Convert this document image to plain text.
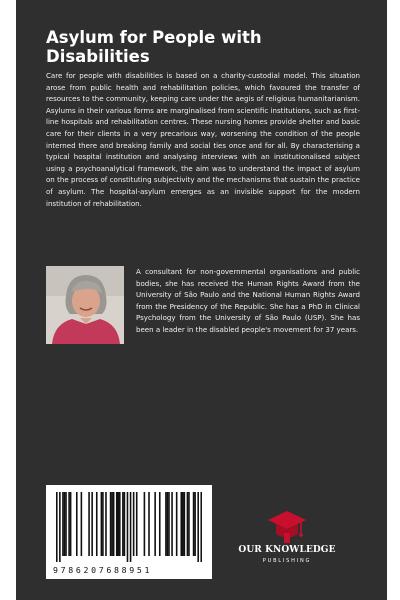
Asylum for People with Disabilities

Care for people with disabilities is based on a charity-custodial model. This situation arose from public health and rehabilitation policies, which favoured the transfer of resources to the community, keeping care under the aegis of religious humanitarianism. Asylums in their various forms are marginalised from scientific institutions, such as first-line hospitals and rehabilitation centres. These nursing homes provide shelter and basic care for their clients in a very precarious way, worsening the condition of the people interned there and breaking family and social ties once and for all. By characterising a typical hospital institution and analysing interviews with an institutionalised subject using a psychoanalytical framework, the aim was to understand the impact of asylum on the process of constituting subjectivity and the mechanisms that sustain the practice of asylum. The hospital-asylum emerges as an invisible support for the modern institution of rehabilitation.

A consultant for non-governmental organisations and public bodies, she has received the Human Rights Award from the University of São Paulo and the National Human Rights Award from the Presidency of the Republic. She has a PhD in Clinical Psychology from the University of São Paulo (USP). She has been a leader in the disabled people's movement for 37 years.

9786207688951
OUR KNOWLEDGE
PUBLISHING
